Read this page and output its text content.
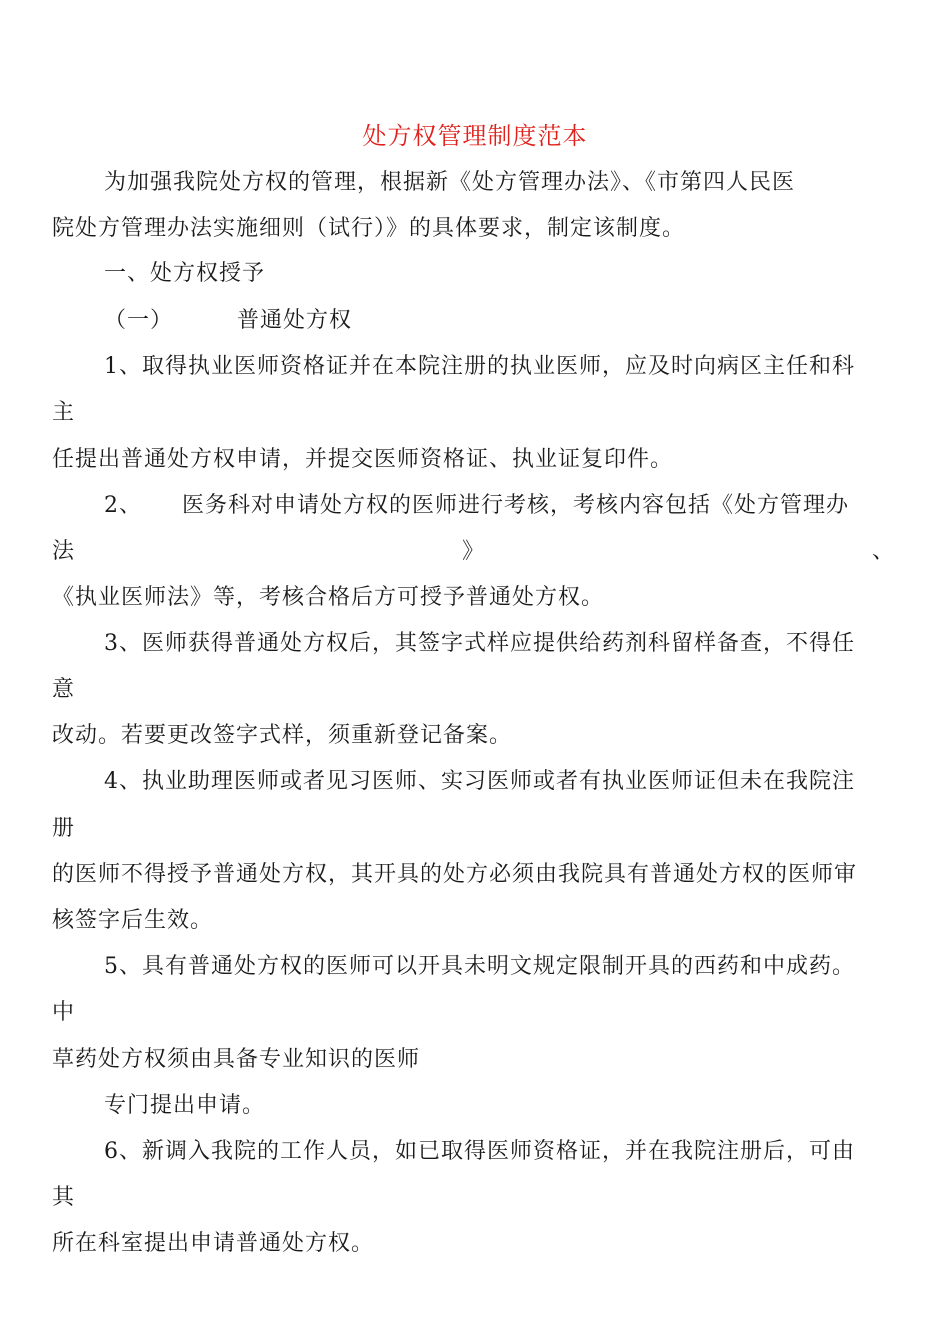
处方权管理制度范本
为加强我院处方权的管理，根据新《处方管理办法》、《市第四人民医
院处方管理办法实施细则（试行）》的具体要求，制定该制度。
一、处方权授予
（一）        普通处方权
1、取得执业医师资格证并在本院注册的执业医师，应及时向病区主任和科
主
任提出普通处方权申请，并提交医师资格证、执业证复印件。
2、     医务科对申请处方权的医师进行考核，考核内容包括《处方管理办
法	》	、
《执业医师法》等，考核合格后方可授予普通处方权。
3、医师获得普通处方权后，其签字式样应提供给药剂科留样备查，不得任
意
改动。若要更改签字式样，须重新登记备案。
4、执业助理医师或者见习医师、实习医师或者有执业医师证但未在我院注
册
的医师不得授予普通处方权，其开具的处方必须由我院具有普通处方权的医师审
核签字后生效。
5、具有普通处方权的医师可以开具未明文规定限制开具的西药和中成药。
中
草药处方权须由具备专业知识的医师
专门提出申请。
6、新调入我院的工作人员，如已取得医师资格证，并在我院注册后，可由
其
所在科室提出申请普通处方权。
